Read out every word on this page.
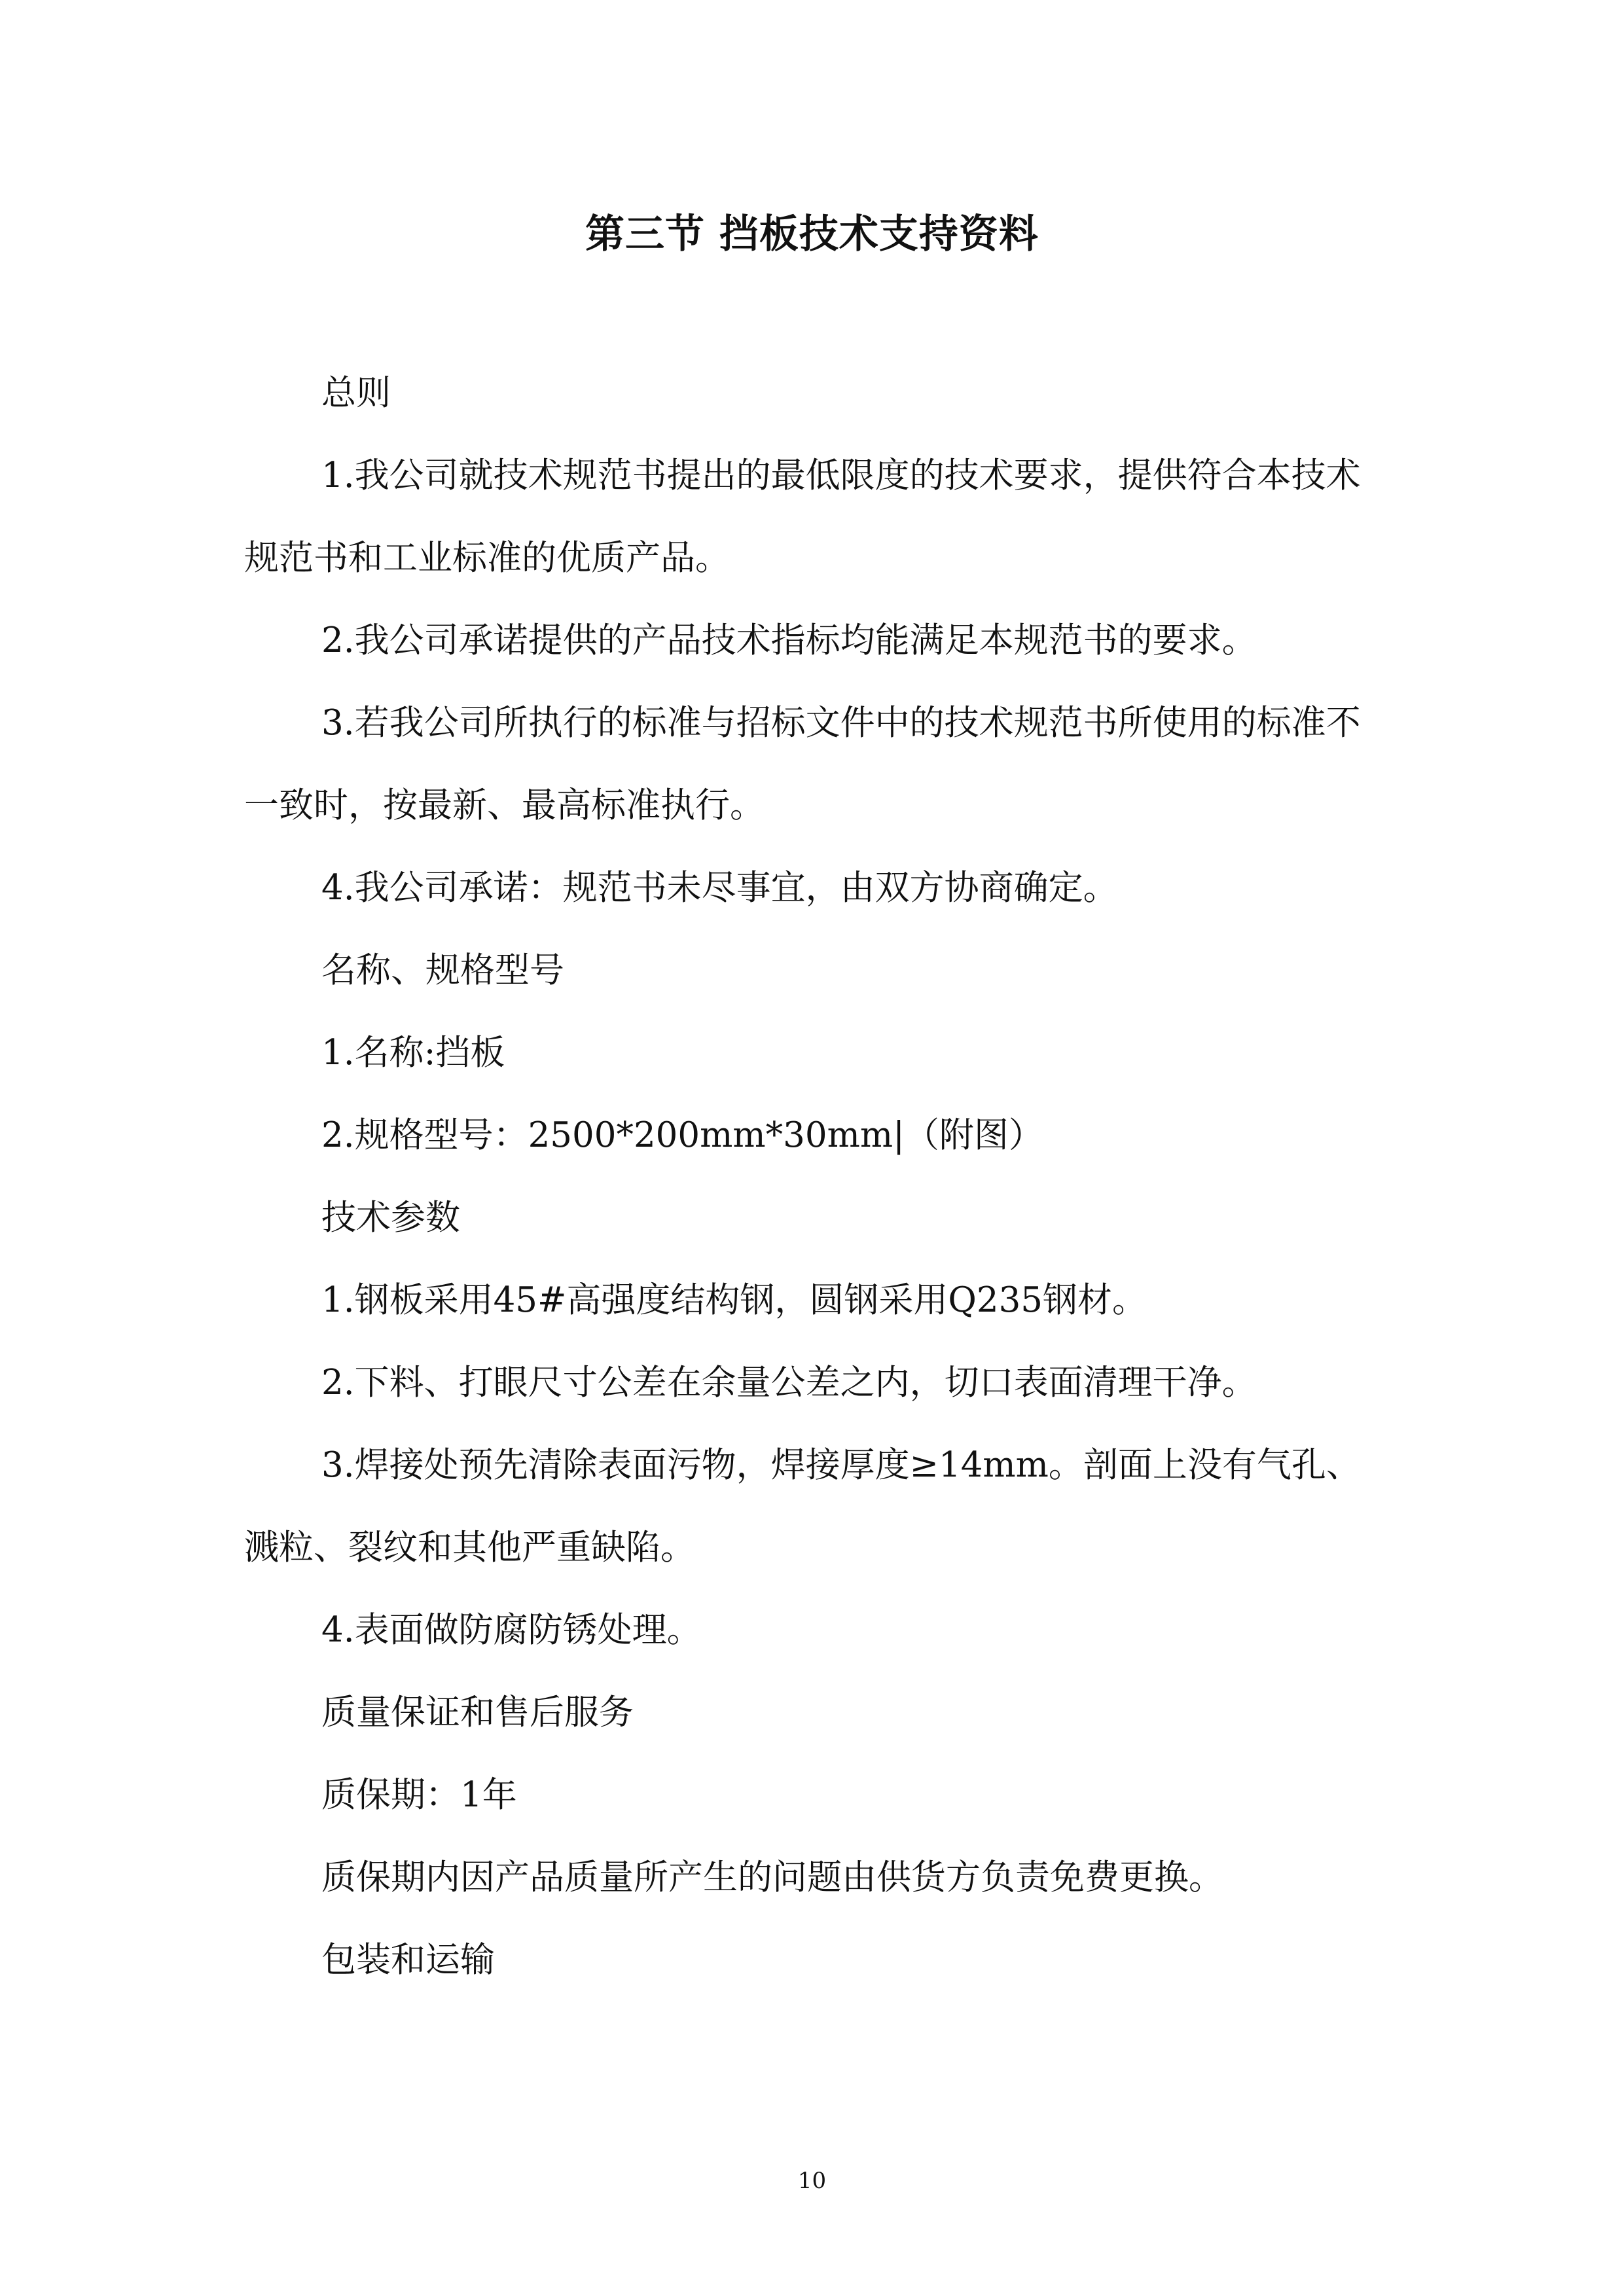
第三节 挡板技术支持资料
总则
1.我公司就技术规范书提出的最低限度的技术要求，提供符合本技术规范书和工业标准的优质产品。
2.我公司承诺提供的产品技术指标均能满足本规范书的要求。
3.若我公司所执行的标准与招标文件中的技术规范书所使用的标准不一致时，按最新、最高标准执行。
4.我公司承诺：规范书未尽事宜，由双方协商确定。
名称、规格型号
1.名称:挡板
2.规格型号：2500*200mm*30mm|（附图）
技术参数
1.钢板采用45#高强度结构钢，圆钢采用Q235钢材。
2.下料、打眼尺寸公差在余量公差之内，切口表面清理干净。
3.焊接处预先清除表面污物，焊接厚度≥14mm。剖面上没有气孔、溅粒、裂纹和其他严重缺陷。
4.表面做防腐防锈处理。
质量保证和售后服务
质保期：1年
质保期内因产品质量所产生的问题由供货方负责免费更换。
包装和运输
10
